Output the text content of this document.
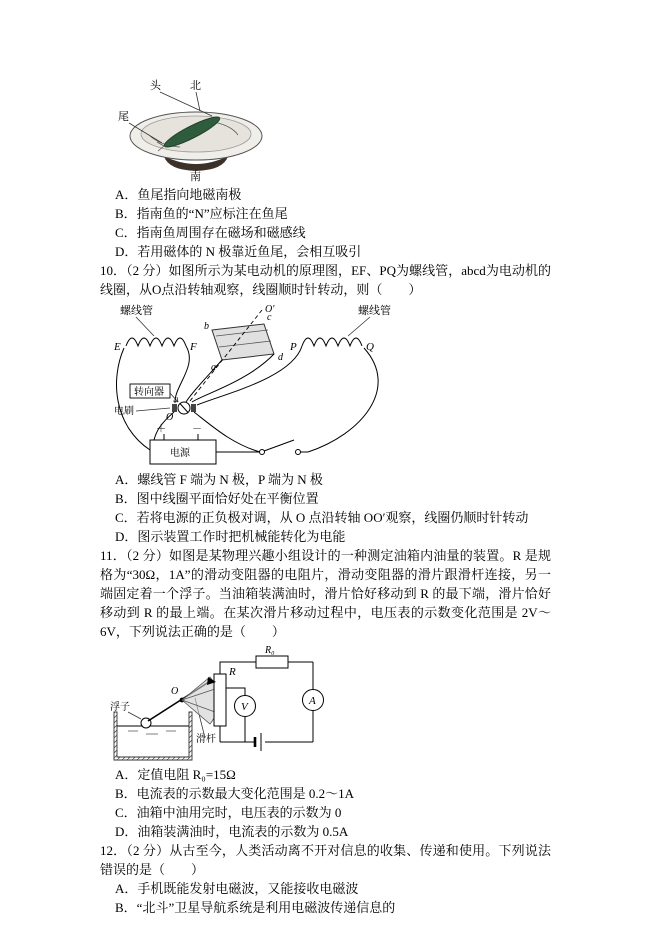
头	北
尾
南
A．鱼尾指向地磁南极
B．指南鱼的“N”应标注在鱼尾
C．指南鱼周围存在磁场和磁感线
D．若用磁体的 N 极靠近鱼尾，会相互吸引

10．（2 分）如图所示为某电动机的原理图，EF、PQ为螺线管，abcd为电动机的线圈，从O点沿转轴观察，线圈顺时针转动，则（　　）

螺线管	螺线管
E	F	P	Q
b
c
a
d
O′
O
转向器
电刷
＋	－
电源
A．螺线管 F 端为 N 极，P 端为 N 极
B．图中线圈平面恰好处在平衡位置
C．若将电源的正负极对调，从 O 点沿转轴 OO′观察，线圈仍顺时针转动
D．图示装置工作时把机械能转化为电能

11．（2 分）如图是某物理兴趣小组设计的一种测定油箱内油量的装置。R 是规格为“30Ω，1A”的滑动变阻器的电阻片，滑动变阻器的滑片跟滑杆连接，另一端固定着一个浮子。当油箱装满油时，滑片恰好移动到 R 的最下端，滑片恰好移动到 R 的最上端。在某次滑片移动过程中，电压表的示数变化范围是 2V～6V，下列说法正确的是（　　）

浮子
O
滑杆
R
R₀
A
V
A．定值电阻 R₀=15Ω
B．电流表的示数最大变化范围是 0.2～1A
C．油箱中油用完时，电压表的示数为 0
D．油箱装满油时，电流表的示数为 0.5A

12．（2 分）从古至今，人类活动离不开对信息的收集、传递和使用。下列说法错误的是（　　）

A．手机既能发射电磁波，又能接收电磁波
B．“北斗”卫星导航系统是利用电磁波传递信息的
